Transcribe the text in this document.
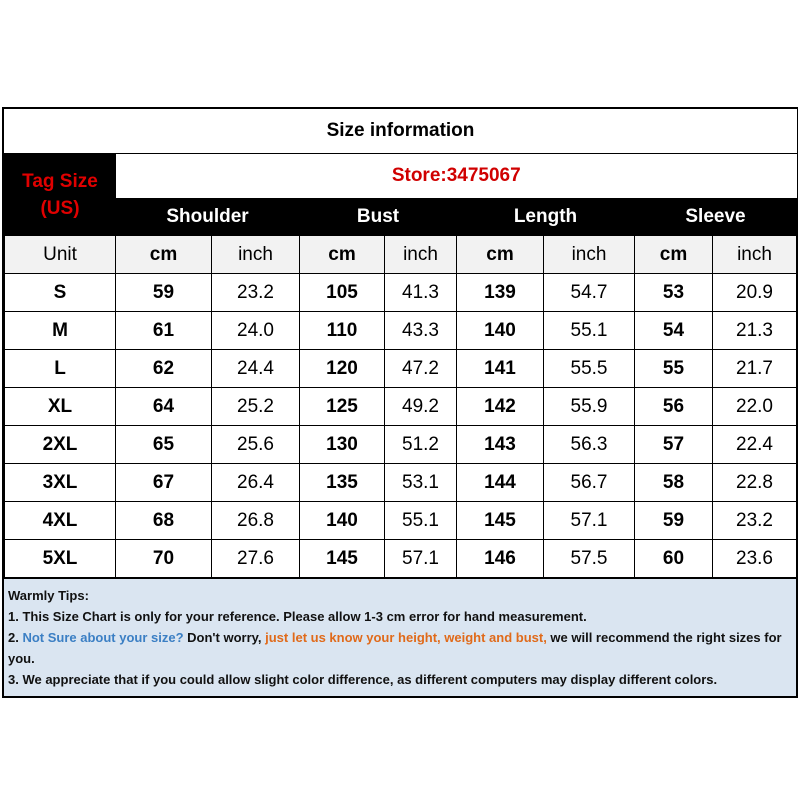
Size information								

Tag Size
(US)	Store:3475067							
	Shoulder		Bust		Length		Sleeve	
Unit	cm	inch	cm	inch	cm	inch	cm	inch
S	59	23.2	105	41.3	139	54.7	53	20.9
M	61	24.0	110	43.3	140	55.1	54	21.3
L	62	24.4	120	47.2	141	55.5	55	21.7
XL	64	25.2	125	49.2	142	55.9	56	22.0
2XL	65	25.6	130	51.2	143	56.3	57	22.4
3XL	67	26.4	135	53.1	144	56.7	58	22.8
4XL	68	26.8	140	55.1	145	57.1	59	23.2
5XL	70	27.6	145	57.1	146	57.5	60	23.6
Warmly Tips:
1. This Size Chart is only for your reference. Please allow 1-3 cm error for hand measurement.
2. Not Sure about your size? Don't worry, just let us know your height, weight and bust, we will recommend the right sizes for you.
3. We appreciate that if you could allow slight color difference, as different computers may display different colors.
